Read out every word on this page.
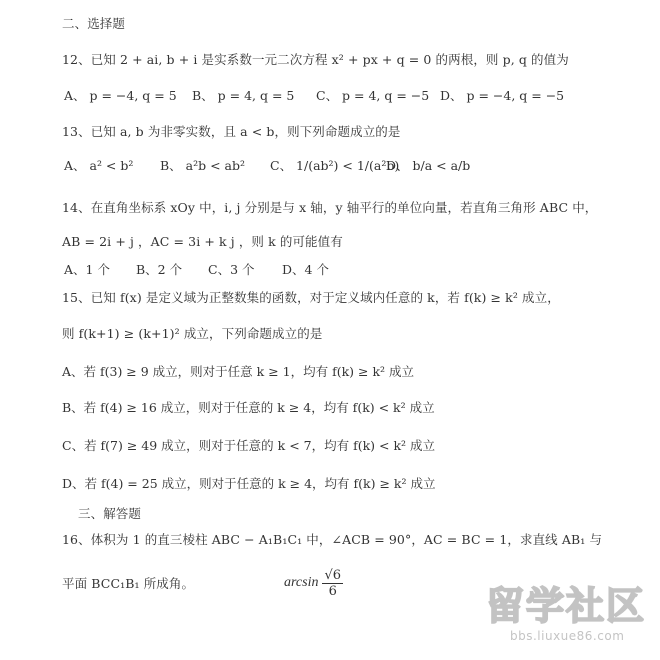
二、选择题
12、已知 2 + ai, b + i 是实系数一元二次方程 x² + px + q = 0 的两根，则 p, q 的值为
A、 p = −4, q = 5 B、 p = 4, q = 5 C、 p = 4, q = −5 D、 p = −4, q = −5
13、已知 a, b 为非零实数，且 a < b，则下列命题成立的是
A、 a² < b² B、 a²b < ab² C、 1/(ab²) < 1/(a²b)
D、 b/a < a/b
14、在直角坐标系 xOy 中，i, j 分别是与 x 轴，y 轴平行的单位向量，若直角三角形 ABC 中，
AB = 2i + j ，AC = 3i + k j ，则 k 的可能值有
A、1 个 B、2 个 C、3 个 D、4 个
15、已知 f(x) 是定义域为正整数集的函数，对于定义域内任意的 k，若 f(k) ≥ k² 成立，
则 f(k+1) ≥ (k+1)² 成立，下列命题成立的是
A、若 f(3) ≥ 9 成立，则对于任意 k ≥ 1，均有 f(k) ≥ k² 成立
B、若 f(4) ≥ 16 成立，则对于任意的 k ≥ 4，均有 f(k) < k² 成立
C、若 f(7) ≥ 49 成立，则对于任意的 k < 7，均有 f(k) < k² 成立
D、若 f(4) = 25 成立，则对于任意的 k ≥ 4，均有 f(k) ≥ k² 成立
三、解答题
16、体积为 1 的直三棱柱 ABC − A₁B₁C₁ 中，∠ACB = 90°，AC = BC = 1，求直线 AB₁ 与
平面 BCC₁B₁ 所成角。	$\arcsin \frac{√6}{6}$
留学社区
bbs.liuxue86.com
